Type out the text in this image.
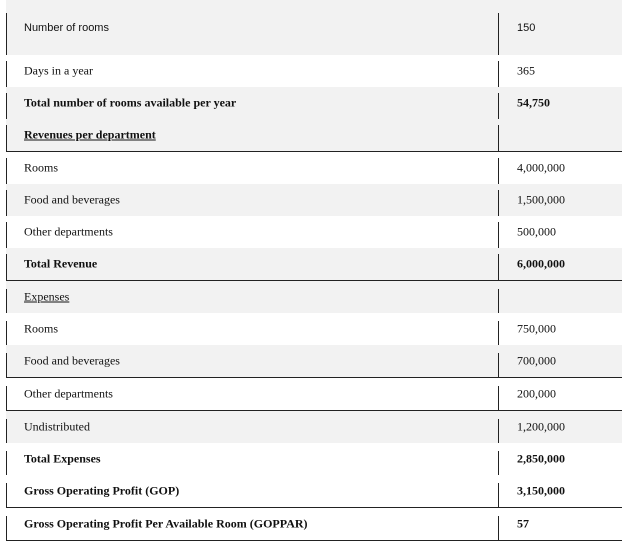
Number of rooms	150
Days in a year	365
Total number of rooms available per year	54,750
Revenues per department
Rooms	4,000,000
Food and beverages	1,500,000
Other departments	500,000
Total Revenue	6,000,000
Expenses
Rooms	750,000
Food and beverages	700,000
Other departments	200,000
Undistributed	1,200,000
Total Expenses	2,850,000
Gross Operating Profit (GOP)	3,150,000
Gross Operating Profit Per Available Room (GOPPAR)	57
